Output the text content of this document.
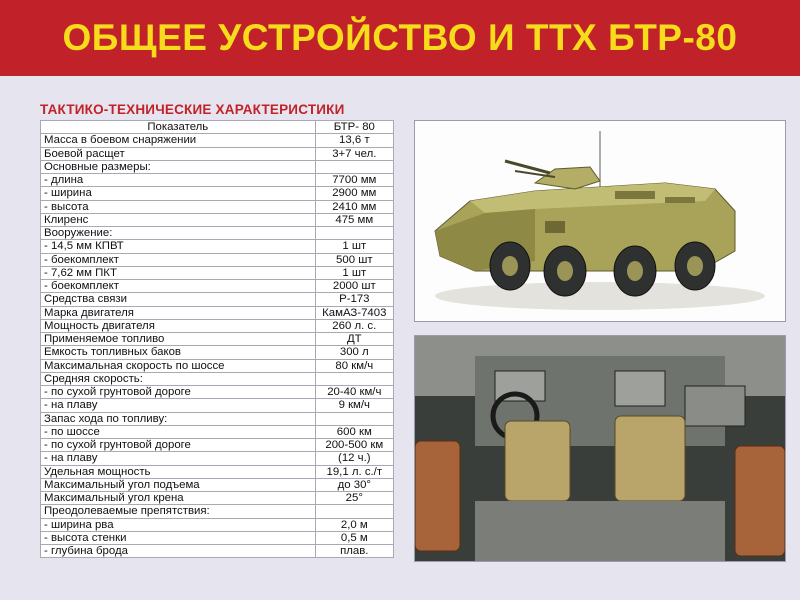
ОБЩЕЕ УСТРОЙСТВО И ТТХ БТР-80
ТАКТИКО-ТЕХНИЧЕСКИЕ ХАРАКТЕРИСТИКИ
Показатель	БТР- 80
Масса в боевом снаряжении	13,6 т
Боевой расщет	3+7 чел.
Основные размеры:	
- длина	7700 мм
- ширина	2900 мм
- высота	2410 мм
Клиренс	475 мм
Вооружение:	
- 14,5 мм КПВТ	1 шт
- боекомплект	500 шт
- 7,62 мм ПКТ	1 шт
- боекомплект	2000 шт
Средства связи	Р-173
Марка двигателя	КамАЗ-7403
Мощность двигателя	260 л. с.
Применяемое топливо	ДТ
Емкость топливных баков	300 л
Максимальная скорость по шоссе	80 км/ч
Средняя скорость:	
- по сухой грунтовой дороге	20-40 км/ч
- на плаву	9 км/ч
Запас хода по топливу:	
- по шоссе	600 км
- по сухой грунтовой дороге	200-500 км
- на плаву	(12 ч.)
Удельная мощность	19,1 л. с./т
Максимальный угол подъема	до 30°
Максимальный угол крена	25°
Преодолеваемые препятствия:	
- ширина рва	2,0 м
- высота стенки	0,5 м
- глубина брода	плав.
